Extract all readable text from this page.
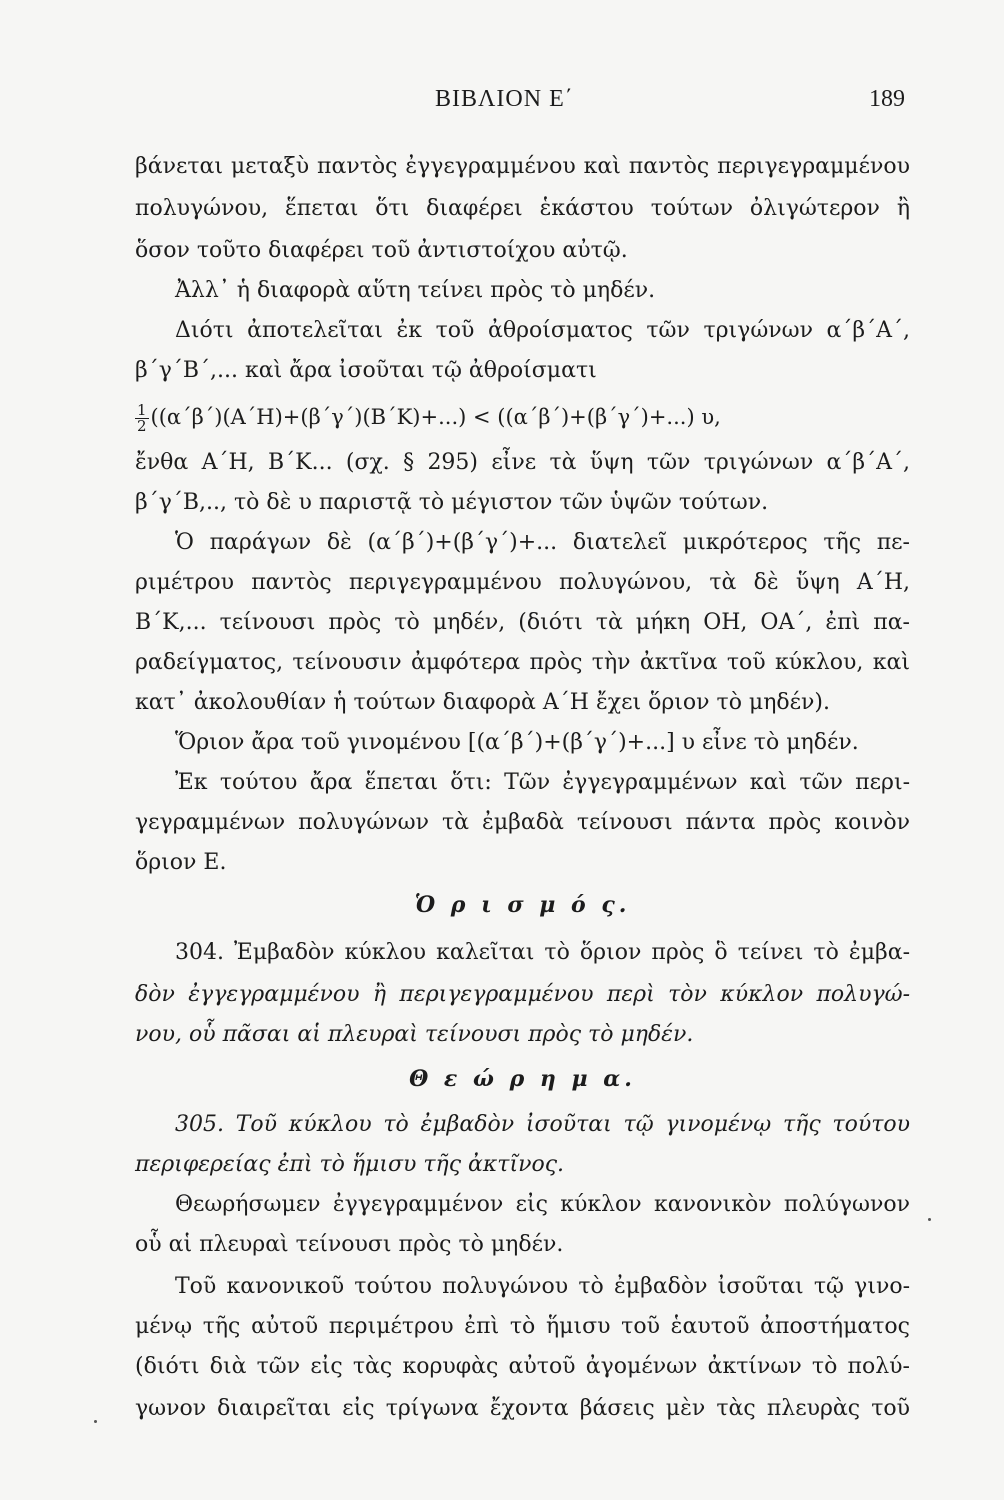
ΒΙΒΛΙΟΝ Ε΄	189
βάνεται μεταξὺ παντὸς ἐγγεγραμμένου καὶ παντὸς περιγεγραμμένου
πολυγώνου, ἕπεται ὅτι διαφέρει ἑκάστου τούτων ὀλιγώτερον ἢ
ὅσον τοῦτο διαφέρει τοῦ ἀντιστοίχου αὐτῷ.
Ἀλλ᾽ ἡ διαφορὰ αὕτη τείνει πρὸς τὸ μηδέν.
Διότι ἀποτελεῖται ἐκ τοῦ ἀθροίσματος τῶν τριγώνων α΄β΄Α΄,
β΄γ΄Β΄,... καὶ ἄρα ἰσοῦται τῷ ἀθροίσματι
$\frac{1}{2} ((\alpha΄\beta΄)(A΄H)+(\beta΄\gamma΄)(B΄K)+...) < ((\alpha΄\beta΄)+(\beta΄\gamma΄)+...)$ υ,
ἔνθα Α΄Η, Β΄Κ... (σχ. § 295) εἶνε τὰ ὕψη τῶν τριγώνων α΄β΄Α΄,
β΄γ΄Β,.., τὸ δὲ υ παριστᾷ τὸ μέγιστον τῶν ὑψῶν τούτων.
Ὁ παράγων δὲ (α΄β΄)+(β΄γ΄)+... διατελεῖ μικρότερος τῆς πε-
ριμέτρου παντὸς περιγεγραμμένου πολυγώνου, τὰ δὲ ὕψη Α΄Η,
Β΄Κ,... τείνουσι πρὸς τὸ μηδέν, (διότι τὰ μήκη ΟΗ, ΟΑ΄, ἐπὶ πα-
ραδείγματος, τείνουσιν ἀμφότερα πρὸς τὴν ἀκτῖνα τοῦ κύκλου, καὶ
κατ᾽ ἀκολουθίαν ἡ τούτων διαφορὰ Α΄Η ἔχει ὅριον τὸ μηδέν).
Ὅριον ἄρα τοῦ γινομένου [(α΄β΄)+(β΄γ΄)+...] υ εἶνε τὸ μηδέν.
Ἐκ τούτου ἄρα ἕπεται ὅτι: Τῶν ἐγγεγραμμένων καὶ τῶν περι-
γεγραμμένων πολυγώνων τὰ ἐμβαδὰ τείνουσι πάντα πρὸς κοινὸν
ὅριον Ε.
Ὁ ρ ι σ μ ό ς.
304. Ἐμβαδὸν κύκλου καλεῖται τὸ ὅριον πρὸς ὃ τείνει τὸ ἐμβα-
δὸν ἐγγεγραμμένου ἢ περιγεγραμμένου περὶ τὸν κύκλον πολυγώ-
νου, οὗ πᾶσαι αἱ πλευραὶ τείνουσι πρὸς τὸ μηδέν.
Θ ε ώ ρ η μ α.
305. Τοῦ κύκλου τὸ ἐμβαδὸν ἰσοῦται τῷ γινομένῳ τῆς τούτου
περιφερείας ἐπὶ τὸ ἥμισυ τῆς ἀκτῖνος.
Θεωρήσωμεν ἐγγεγραμμένον εἰς κύκλον κανονικὸν πολύγωνον
οὗ αἱ πλευραὶ τείνουσι πρὸς τὸ μηδέν.
Τοῦ κανονικοῦ τούτου πολυγώνου τὸ ἐμβαδὸν ἰσοῦται τῷ γινο-
μένῳ τῆς αὐτοῦ περιμέτρου ἐπὶ τὸ ἥμισυ τοῦ ἑαυτοῦ ἀποστήματος
(διότι διὰ τῶν εἰς τὰς κορυφὰς αὐτοῦ ἀγομένων ἀκτίνων τὸ πολύ-
γωνον διαιρεῖται εἰς τρίγωνα ἔχοντα βάσεις μὲν τὰς πλευρὰς τοῦ
